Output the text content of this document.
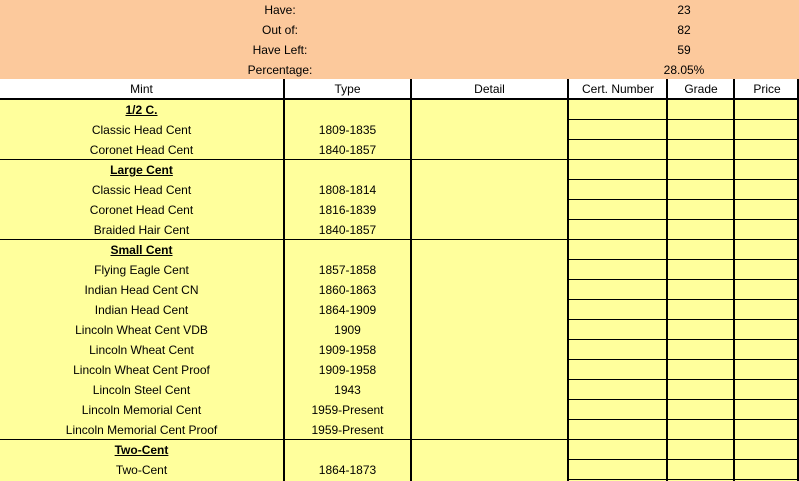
Have:	23
Out of:	82
Have Left:	59
Percentage:	28.05%
Mint	Type	Detail	Cert. Number	Grade	Price
1/2 C.
Classic Head Cent	1809-1835
Coronet Head Cent	1840-1857
Large Cent
Classic Head Cent	1808-1814
Coronet Head Cent	1816-1839
Braided Hair Cent	1840-1857
Small Cent
Flying Eagle Cent	1857-1858
Indian Head Cent CN	1860-1863
Indian Head Cent	1864-1909
Lincoln Wheat Cent VDB	1909
Lincoln Wheat Cent	1909-1958
Lincoln Wheat Cent Proof	1909-1958
Lincoln Steel Cent	1943
Lincoln Memorial Cent	1959-Present
Lincoln Memorial Cent Proof	1959-Present
Two-Cent
Two-Cent	1864-1873
